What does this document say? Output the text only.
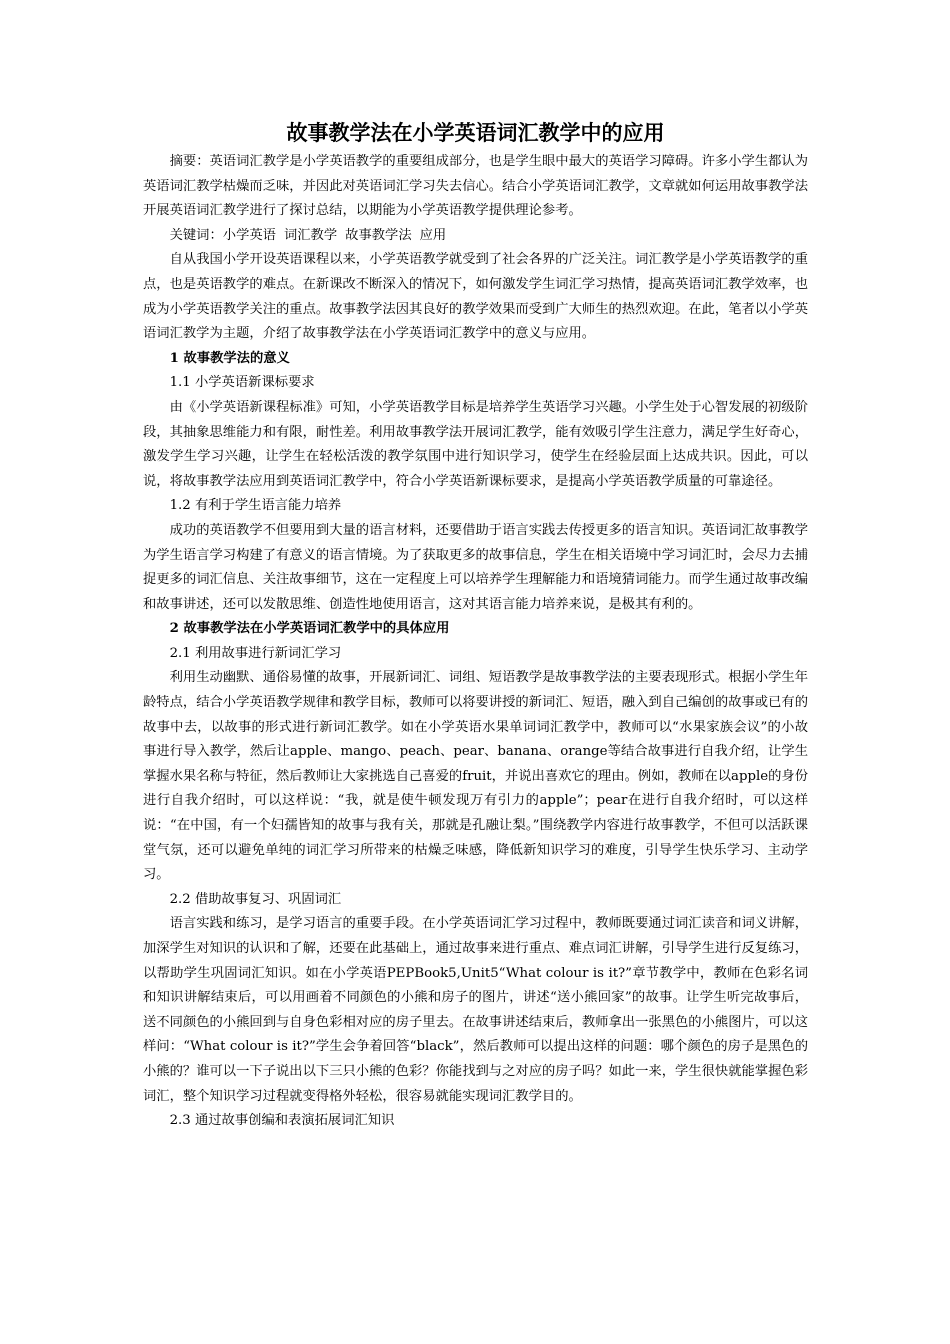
故事教学法在小学英语词汇教学中的应用

摘要：英语词汇教学是小学英语教学的重要组成部分，也是学生眼中最大的英语学习障碍。许多小学生都认为英语词汇教学枯燥而乏味，并因此对英语词汇学习失去信心。结合小学英语词汇教学，文章就如何运用故事教学法开展英语词汇教学进行了探讨总结，以期能为小学英语教学提供理论参考。

关键词：小学英语 词汇教学 故事教学法 应用

自从我国小学开设英语课程以来，小学英语教学就受到了社会各界的广泛关注。词汇教学是小学英语教学的重点，也是英语教学的难点。在新课改不断深入的情况下，如何激发学生词汇学习热情，提高英语词汇教学效率，也成为小学英语教学关注的重点。故事教学法因其良好的教学效果而受到广大师生的热烈欢迎。在此，笔者以小学英语词汇教学为主题，介绍了故事教学法在小学英语词汇教学中的意义与应用。

1 故事教学法的意义

1.1 小学英语新课标要求

由《小学英语新课程标准》可知，小学英语教学目标是培养学生英语学习兴趣。小学生处于心智发展的初级阶段，其抽象思维能力和有限，耐性差。利用故事教学法开展词汇教学，能有效吸引学生注意力，满足学生好奇心，激发学生学习兴趣，让学生在轻松活泼的教学氛围中进行知识学习，使学生在经验层面上达成共识。因此，可以说，将故事教学法应用到英语词汇教学中，符合小学英语新课标要求，是提高小学英语教学质量的可靠途径。

1.2 有利于学生语言能力培养

成功的英语教学不但要用到大量的语言材料，还要借助于语言实践去传授更多的语言知识。英语词汇故事教学为学生语言学习构建了有意义的语言情境。为了获取更多的故事信息，学生在相关语境中学习词汇时，会尽力去捕捉更多的词汇信息、关注故事细节，这在一定程度上可以培养学生理解能力和语境猜词能力。而学生通过故事改编和故事讲述，还可以发散思维、创造性地使用语言，这对其语言能力培养来说，是极其有利的。

2 故事教学法在小学英语词汇教学中的具体应用

2.1 利用故事进行新词汇学习

利用生动幽默、通俗易懂的故事，开展新词汇、词组、短语教学是故事教学法的主要表现形式。根据小学生年龄特点，结合小学英语教学规律和教学目标，教师可以将要讲授的新词汇、短语，融入到自己编创的故事或已有的故事中去，以故事的形式进行新词汇教学。如在小学英语水果单词词汇教学中，教师可以“水果家族会议”的小故事进行导入教学，然后让apple、mango、peach、pear、banana、orange等结合故事进行自我介绍，让学生掌握水果名称与特征，然后教师让大家挑选自己喜爱的fruit，并说出喜欢它的理由。例如，教师在以apple的身份进行自我介绍时，可以这样说：“我，就是使牛顿发现万有引力的apple”；pear在进行自我介绍时，可以这样说：“在中国，有一个妇孺皆知的故事与我有关，那就是孔融让梨。”围绕教学内容进行故事教学，不但可以活跃课堂气氛，还可以避免单纯的词汇学习所带来的枯燥乏味感，降低新知识学习的难度，引导学生快乐学习、主动学习。

2.2 借助故事复习、巩固词汇

语言实践和练习，是学习语言的重要手段。在小学英语词汇学习过程中，教师既要通过词汇读音和词义讲解，加深学生对知识的认识和了解，还要在此基础上，通过故事来进行重点、难点词汇讲解，引导学生进行反复练习，以帮助学生巩固词汇知识。如在小学英语PEPBook5,Unit5“What colour is it?”章节教学中，教师在色彩名词和知识讲解结束后，可以用画着不同颜色的小熊和房子的图片，讲述“送小熊回家”的故事。让学生听完故事后，送不同颜色的小熊回到与自身色彩相对应的房子里去。在故事讲述结束后，教师拿出一张黑色的小熊图片，可以这样问：“What colour is it?”学生会争着回答“black”，然后教师可以提出这样的问题：哪个颜色的房子是黑色的小熊的？谁可以一下子说出以下三只小熊的色彩？你能找到与之对应的房子吗？如此一来，学生很快就能掌握色彩词汇，整个知识学习过程就变得格外轻松，很容易就能实现词汇教学目的。

2.3 通过故事创编和表演拓展词汇知识
